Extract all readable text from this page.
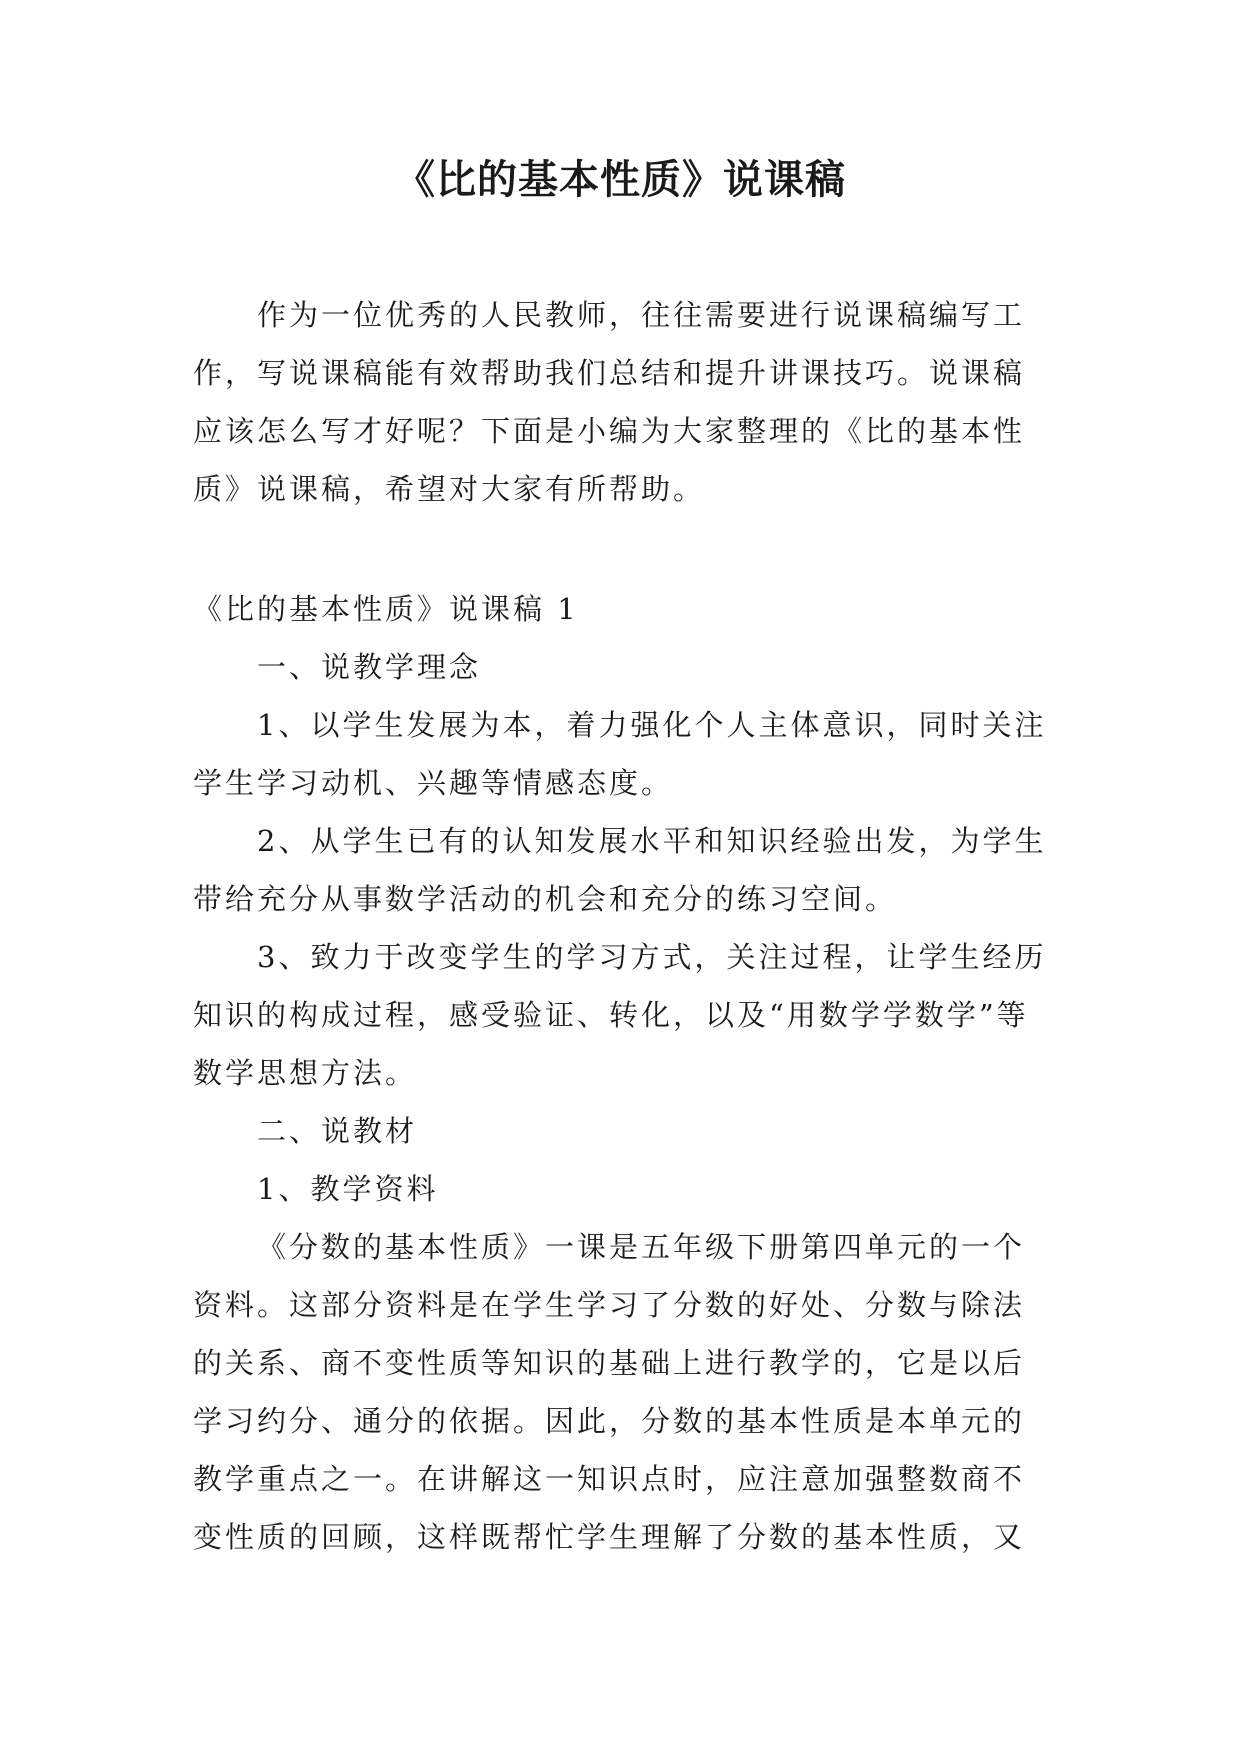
《比的基本性质》说课稿

作为一位优秀的人民教师，往往需要进行说课稿编写工作，写说课稿能有效帮助我们总结和提升讲课技巧。说课稿应该怎么写才好呢？下面是小编为大家整理的《比的基本性质》说课稿，希望对大家有所帮助。

《比的基本性质》说课稿 1

一、说教学理念

1、以学生发展为本，着力强化个人主体意识，同时关注学生学习动机、兴趣等情感态度。

2、从学生已有的认知发展水平和知识经验出发，为学生带给充分从事数学活动的机会和充分的练习空间。

3、致力于改变学生的学习方式，关注过程，让学生经历知识的构成过程，感受验证、转化，以及“用数学学数学”等数学思想方法。

二、说教材

1、教学资料

《分数的基本性质》一课是五年级下册第四单元的一个资料。这部分资料是在学生学习了分数的好处、分数与除法的关系、商不变性质等知识的基础上进行教学的，它是以后学习约分、通分的依据。因此，分数的基本性质是本单元的教学重点之一。在讲解这一知识点时，应注意加强整数商不变性质的回顾，这样既帮忙学生理解了分数的基本性质，又
